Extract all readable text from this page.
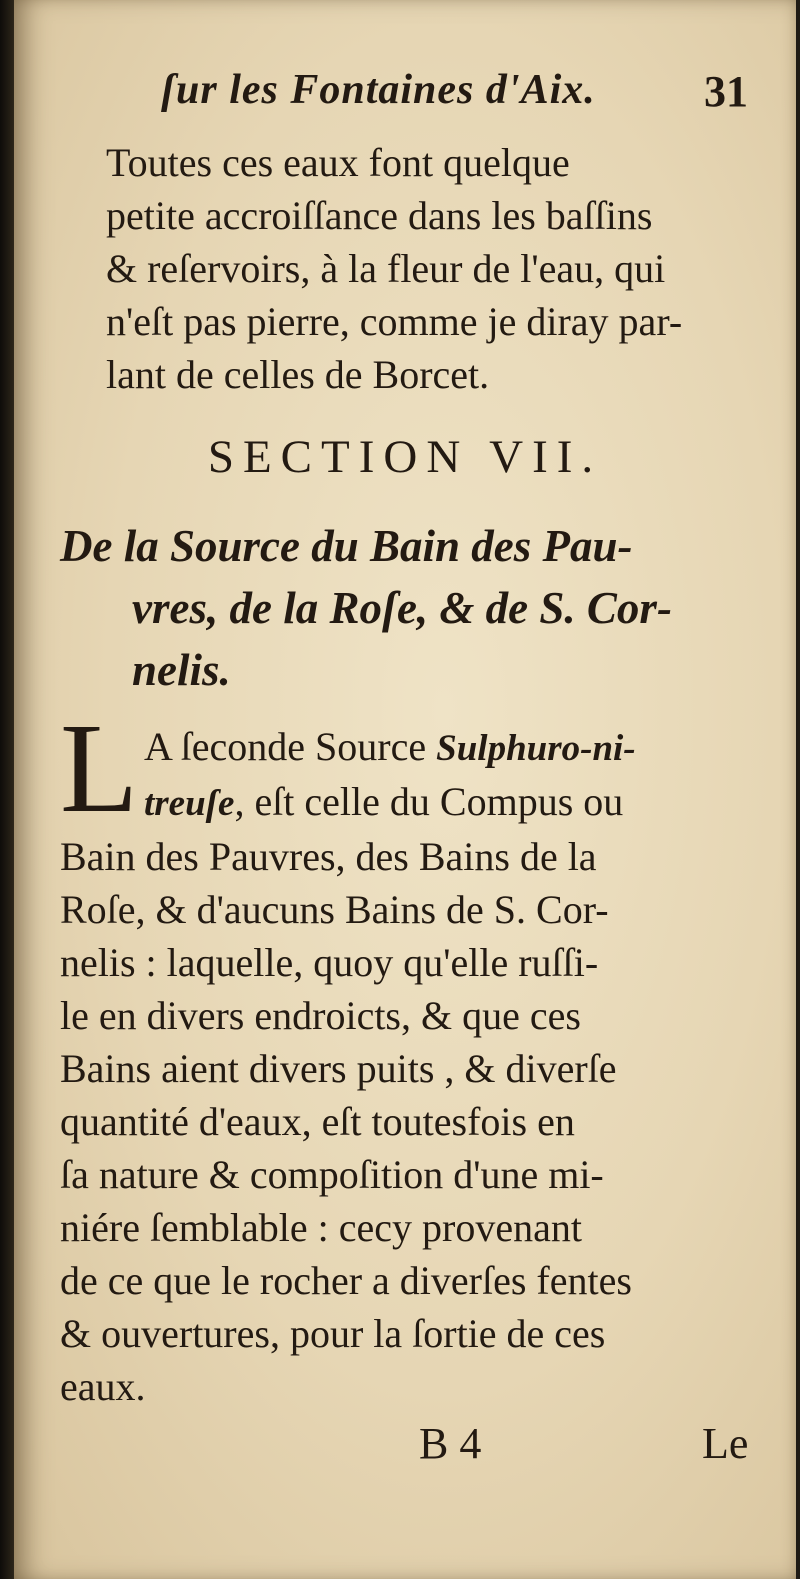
ſur les Fontaines d'Aix. 31
Toutes ces eaux font quelque
petite accroiſſance dans les baſſins
& reſervoirs, à la fleur de l'eau, qui
n'eſt pas pierre, comme je diray par-
lant de celles de Borcet.
SECTION VII.
De la Source du Bain des Pau-
vres, de la Roſe, & de S. Cor-
nelis.
L A ſeconde Source Sulphuro-ni-
treuſe, eſt celle du Compus ou
Bain des Pauvres, des Bains de la
Roſe, & d'aucuns Bains de S. Cor-
nelis : laquelle, quoy qu'elle ruſſi-
le en divers endroicts, & que ces
Bains aient divers puits , & diverſe
quantité d'eaux, eſt toutesfois en
ſa nature & compoſition d'une mi-
niére ſemblable : cecy provenant
de ce que le rocher a diverſes fentes
& ouvertures, pour la ſortie de ces
eaux.
B 4	Le
